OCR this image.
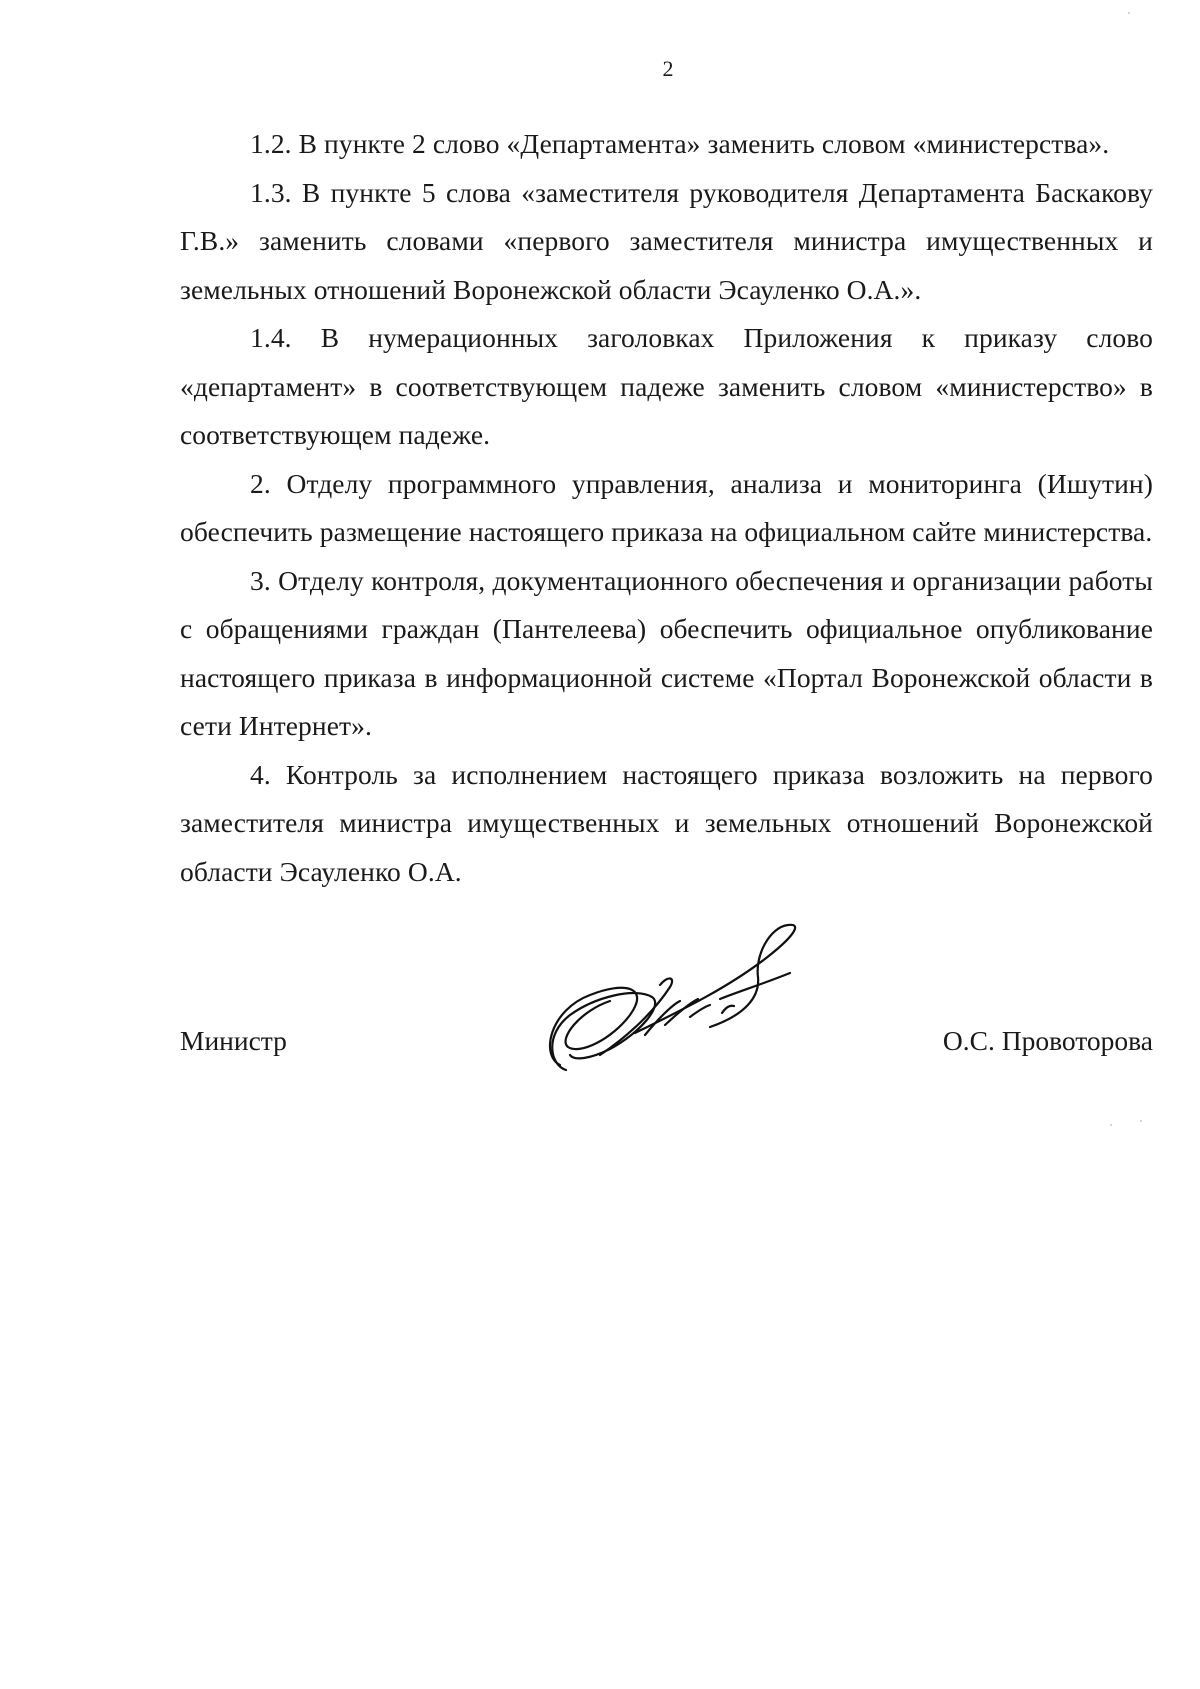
2

1.2. В пункте 2 слово «Департамента» заменить словом «министерства».

1.3. В пункте 5 слова «заместителя руководителя Департамента Баскакову Г.В.» заменить словами «первого заместителя министра имущественных и земельных отношений Воронежской области Эсауленко О.А.».

1.4. В нумерационных заголовках Приложения к приказу слово «департамент» в соответствующем падеже заменить словом «министерство» в соответствующем падеже.

2. Отделу программного управления, анализа и мониторинга (Ишутин) обеспечить размещение настоящего приказа на официальном сайте министерства.

3. Отделу контроля, документационного обеспечения и организации работы с обращениями граждан (Пантелеева) обеспечить официальное опубликование настоящего приказа в информационной системе «Портал Воронежской области в сети Интернет».

4. Контроль за исполнением настоящего приказа возложить на первого заместителя министра имущественных и земельных отношений Воронежской области Эсауленко О.А.

Министр	О.С. Провоторова
